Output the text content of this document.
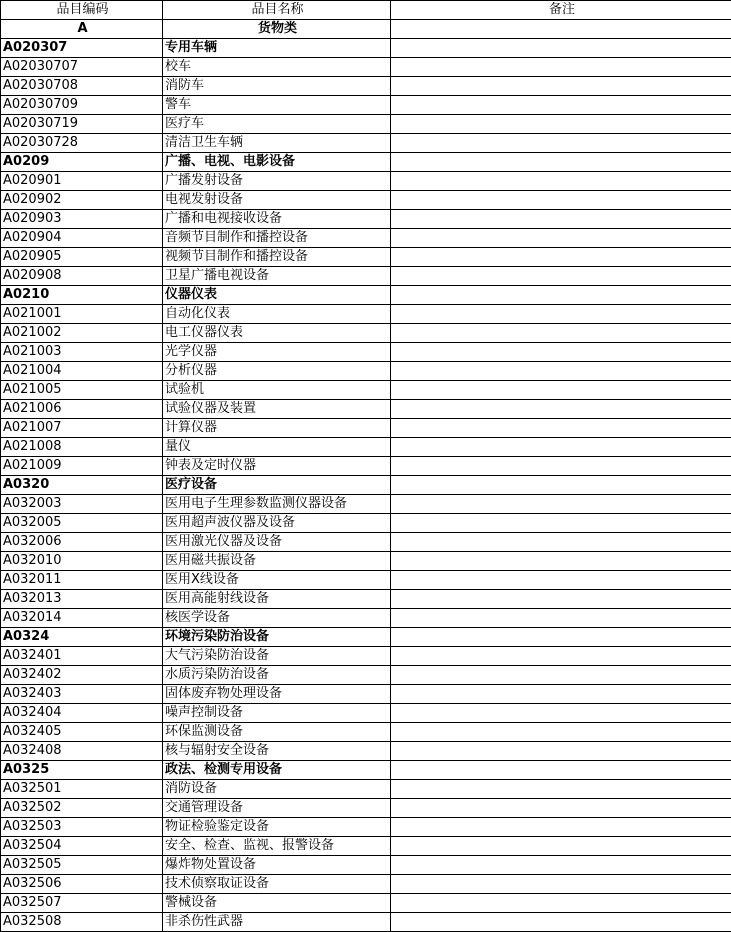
品目编码	品目名称	备注
A	货物类	
A020307	专用车辆	
A02030707	校车	
A02030708	消防车	
A02030709	警车	
A02030719	医疗车	
A02030728	清洁卫生车辆	
A0209	广播、电视、电影设备	
A020901	广播发射设备	
A020902	电视发射设备	
A020903	广播和电视接收设备	
A020904	音频节目制作和播控设备	
A020905	视频节目制作和播控设备	
A020908	卫星广播电视设备	
A0210	仪器仪表	
A021001	自动化仪表	
A021002	电工仪器仪表	
A021003	光学仪器	
A021004	分析仪器	
A021005	试验机	
A021006	试验仪器及装置	
A021007	计算仪器	
A021008	量仪	
A021009	钟表及定时仪器	
A0320	医疗设备	
A032003	医用电子生理参数监测仪器设备	
A032005	医用超声波仪器及设备	
A032006	医用激光仪器及设备	
A032010	医用磁共振设备	
A032011	医用X线设备	
A032013	医用高能射线设备	
A032014	核医学设备	
A0324	环境污染防治设备	
A032401	大气污染防治设备	
A032402	水质污染防治设备	
A032403	固体废弃物处理设备	
A032404	噪声控制设备	
A032405	环保监测设备	
A032408	核与辐射安全设备	
A0325	政法、检测专用设备	
A032501	消防设备	
A032502	交通管理设备	
A032503	物证检验鉴定设备	
A032504	安全、检查、监视、报警设备	
A032505	爆炸物处置设备	
A032506	技术侦察取证设备	
A032507	警械设备	
A032508	非杀伤性武器	
